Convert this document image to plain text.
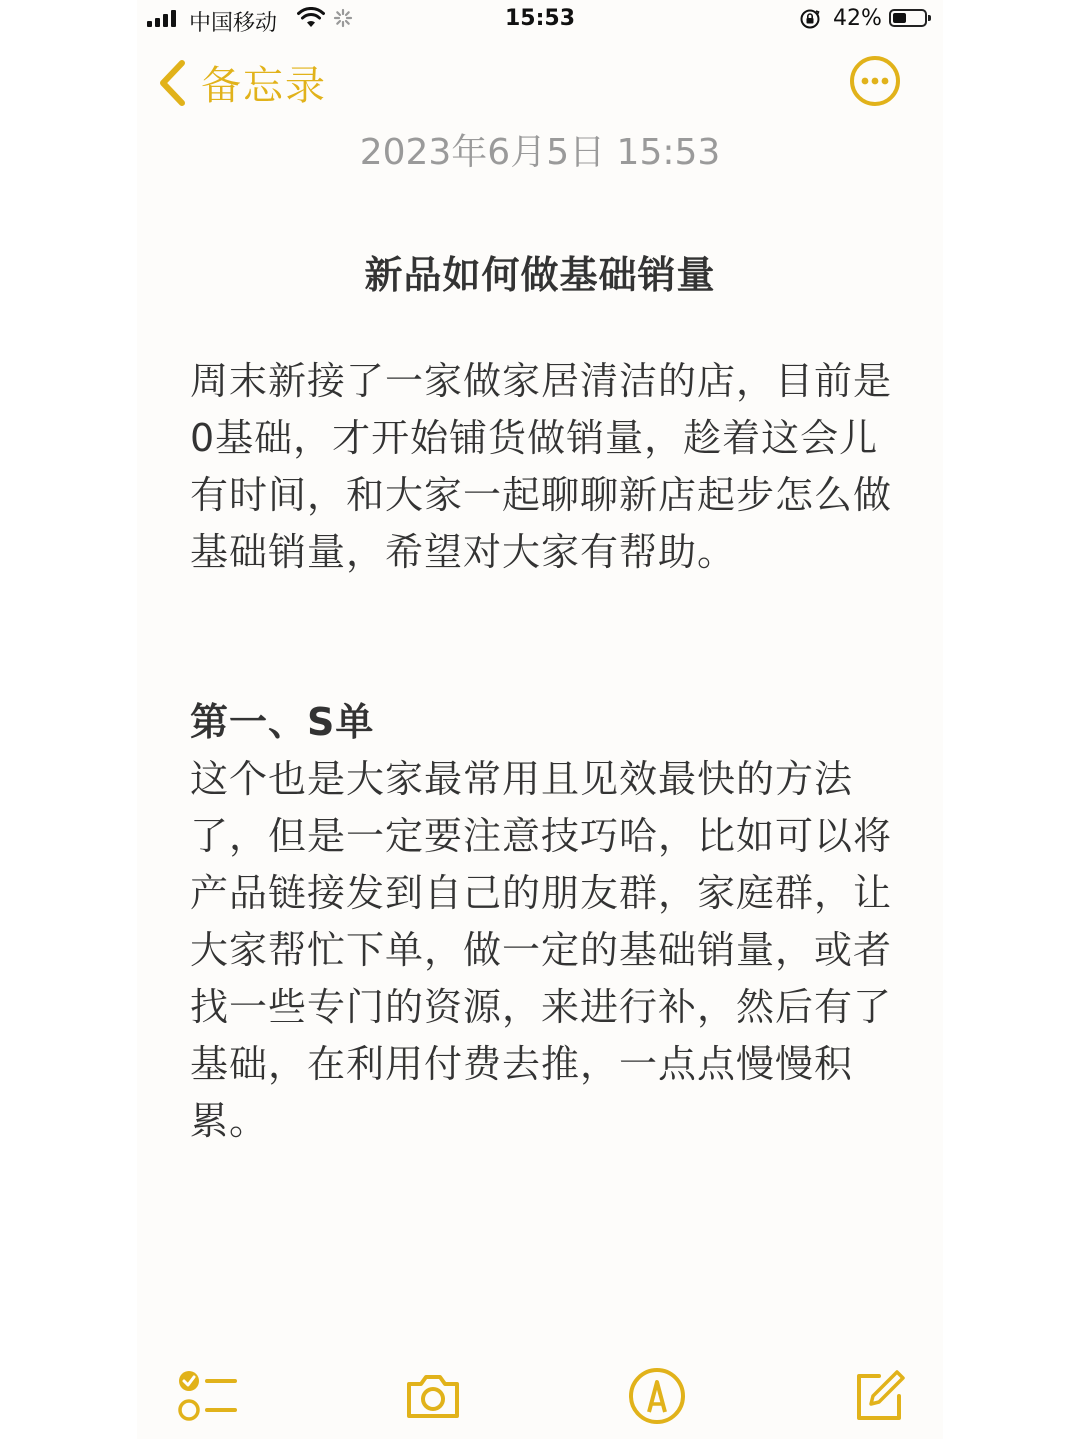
中国移动	15:53	42%
备忘录
2023年6月5日 15:53
新品如何做基础销量

周末新接了一家做家居清洁的店，目前是0基础，才开始铺货做销量，趁着这会儿有时间，和大家一起聊聊新店起步怎么做基础销量，希望对大家有帮助。

第一、S单

这个也是大家最常用且见效最快的方法了，但是一定要注意技巧哈，比如可以将产品链接发到自己的朋友群，家庭群，让大家帮忙下单，做一定的基础销量，或者找一些专门的资源，来进行补，然后有了基础，在利用付费去推，一点点慢慢积累。
